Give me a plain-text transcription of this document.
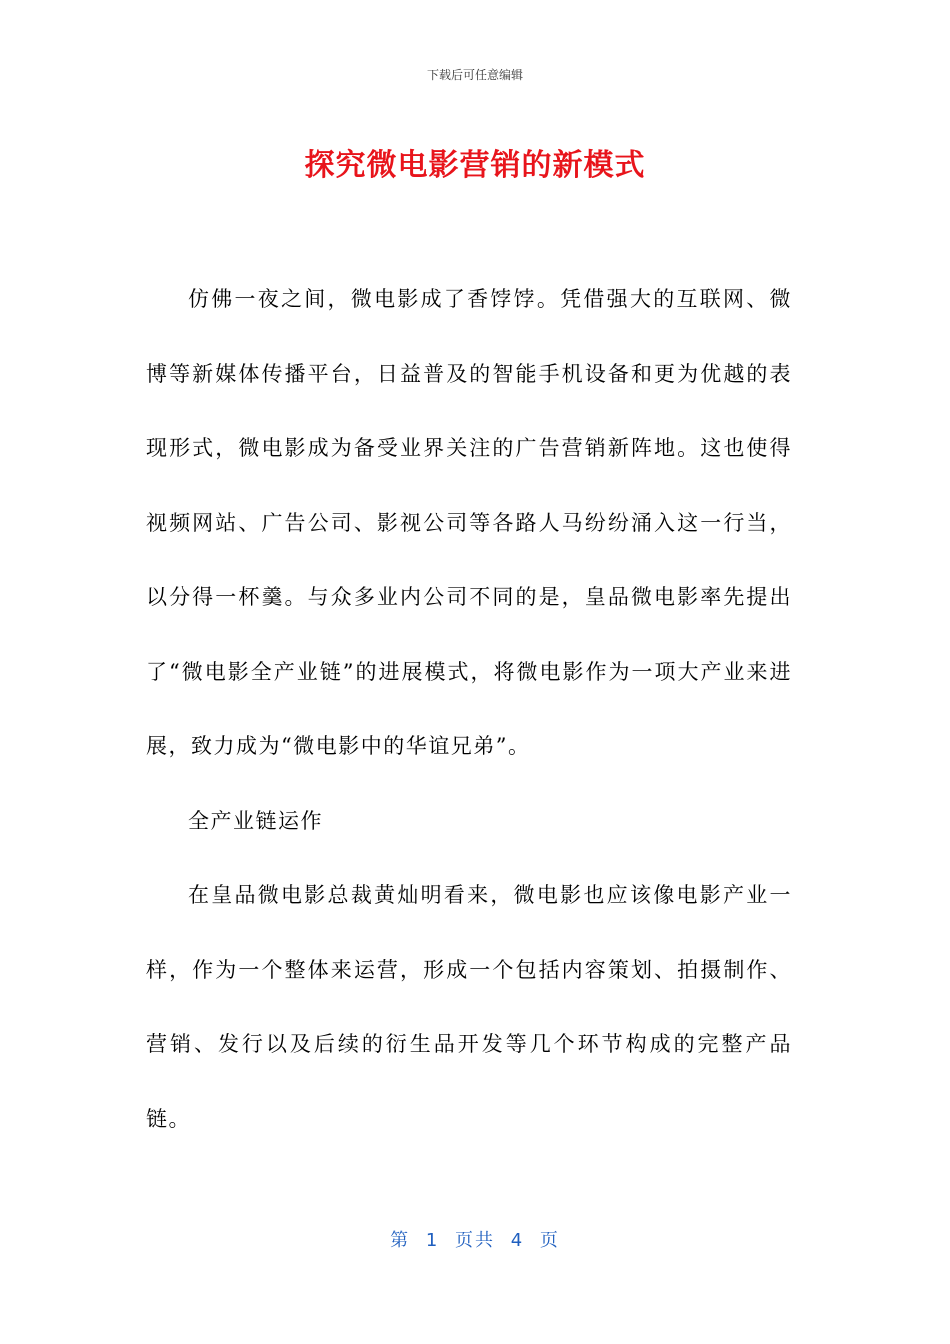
下载后可任意编辑
探究微电影营销的新模式

仿佛一夜之间，微电影成了香饽饽。凭借强大的互联网、微博等新媒体传播平台，日益普及的智能手机设备和更为优越的表现形式，微电影成为备受业界关注的广告营销新阵地。这也使得视频网站、广告公司、影视公司等各路人马纷纷涌入这一行当，以分得一杯羹。与众多业内公司不同的是，皇品微电影率先提出了“微电影全产业链”的进展模式，将微电影作为一项大产业来进展，致力成为“微电影中的华谊兄弟”。

全产业链运作

在皇品微电影总裁黄灿明看来，微电影也应该像电影产业一样，作为一个整体来运营，形成一个包括内容策划、拍摄制作、营销、发行以及后续的衍生品开发等几个环节构成的完整产品链。

第 1 页共 4 页
